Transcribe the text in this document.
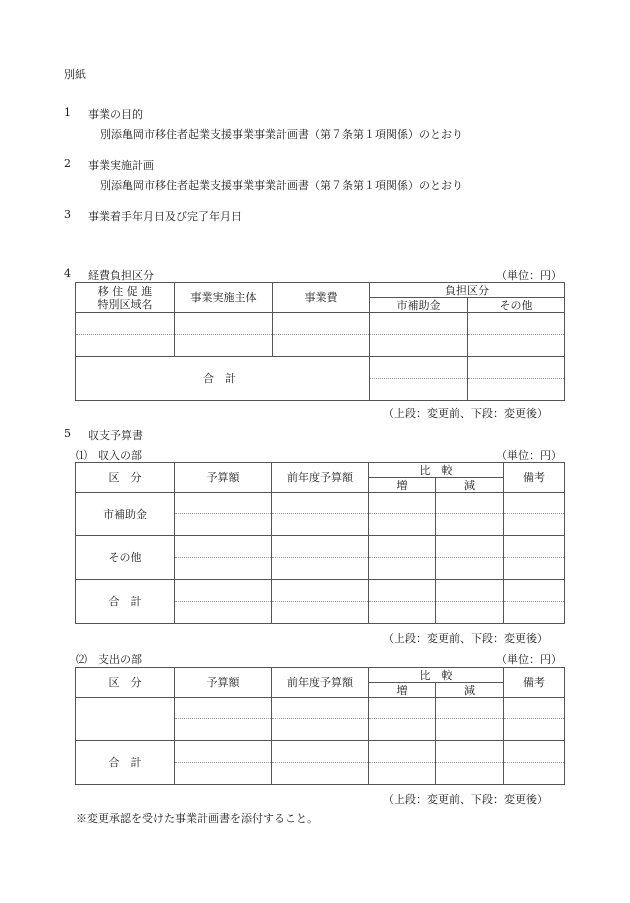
別紙
1 事業の目的
別添亀岡市移住者起業支援事業事業計画書（第７条第１項関係）のとおり
2 事業実施計画
別添亀岡市移住者起業支援事業事業計画書（第７条第１項関係）のとおり
3 事業着手年月日及び完了年月日
4 経費負担区分	（単位：円）
移 住 促 進
特別区域名	事業実施主体	事業費	負担区分	
			市補助金	その他

合　計				

（上段：変更前、下段：変更後）
5 収支予算書
⑴　収入の部	（単位：円）
区　分	予算額	前年度予算額	比　較		備考
			増	減	
市補助金					

その他					

合　計					

（上段：変更前、下段：変更後）
⑵　支出の部	（単位：円）
区　分	予算額	前年度予算額	比　較		備考
			増	減	

合　計					

（上段：変更前、下段：変更後）
※変更承認を受けた事業計画書を添付すること。
